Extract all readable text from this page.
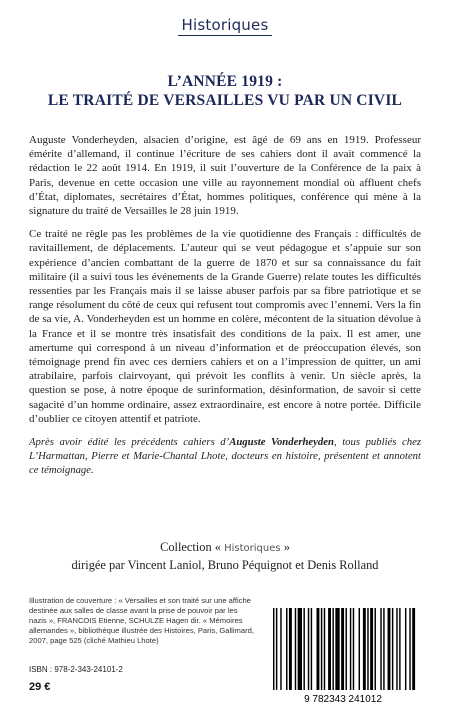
Historiques
L’ANNÉE 1919 :
LE TRAITÉ DE VERSAILLES VU PAR UN CIVIL

Auguste Vonderheyden, alsacien d’origine, est âgé de 69 ans en 1919. Professeur émérite d’allemand, il continue l’écriture de ses cahiers dont il avait commencé la rédaction le 22 août 1914. En 1919, il suit l’ouverture de la Conférence de la paix à Paris, devenue en cette occasion une ville au rayonnement mondial où affluent chefs d’État, diplomates, secrétaires d’État, hommes politiques, conférence qui mène à la signature du traité de Versailles le 28 juin 1919.

Ce traité ne règle pas les problèmes de la vie quotidienne des Français : difficultés de ravitaillement, de déplacements. L’auteur qui se veut pédagogue et s’appuie sur son expérience d’ancien combattant de la guerre de 1870 et sur sa connaissance du fait militaire (il a suivi tous les événements de la Grande Guerre) relate toutes les difficultés ressenties par les Français mais il se laisse abuser parfois par sa fibre patriotique et se range résolument du côté de ceux qui refusent tout compromis avec l’ennemi. Vers la fin de sa vie, A. Vonderheyden est un homme en colère, mécontent de la situation dévolue à la France et il se montre très insatisfait des conditions de la paix. Il est amer, une amertume qui correspond à un niveau d’information et de préoccupation élevés, son témoignage prend fin avec ces derniers cahiers et on a l’impression de quitter, un ami atrabilaire, parfois clairvoyant, qui prévoit les conflits à venir. Un siècle après, la question se pose, à notre époque de surinformation, désinformation, de savoir si cette sagacité d’un homme ordinaire, assez extraordinaire, est encore à notre portée. Difficile d’oublier ce citoyen attentif et patriote.

Après avoir édité les précédents cahiers d’Auguste Vonderheyden, tous publiés chez L’Harmattan, Pierre et Marie-Chantal Lhote, docteurs en histoire, présentent et annotent ce témoignage.

Collection « Historiques »
dirigée par Vincent Laniol, Bruno Péquignot et Denis Rolland
Illustration de couverture : « Versailles et son traité sur une affiche destinée aux salles de classe avant la prise de pouvoir par les nazis », FRANCOIS Etienne, SCHULZE Hagen dir. « Mémoires allemandes », bibliothèque illustrée des Histoires, Paris, Gallimard, 2007, page 525 (cliché Mathieu Lhote)
ISBN : 978-2-343-24101-2
29 €
9 782343 241012
